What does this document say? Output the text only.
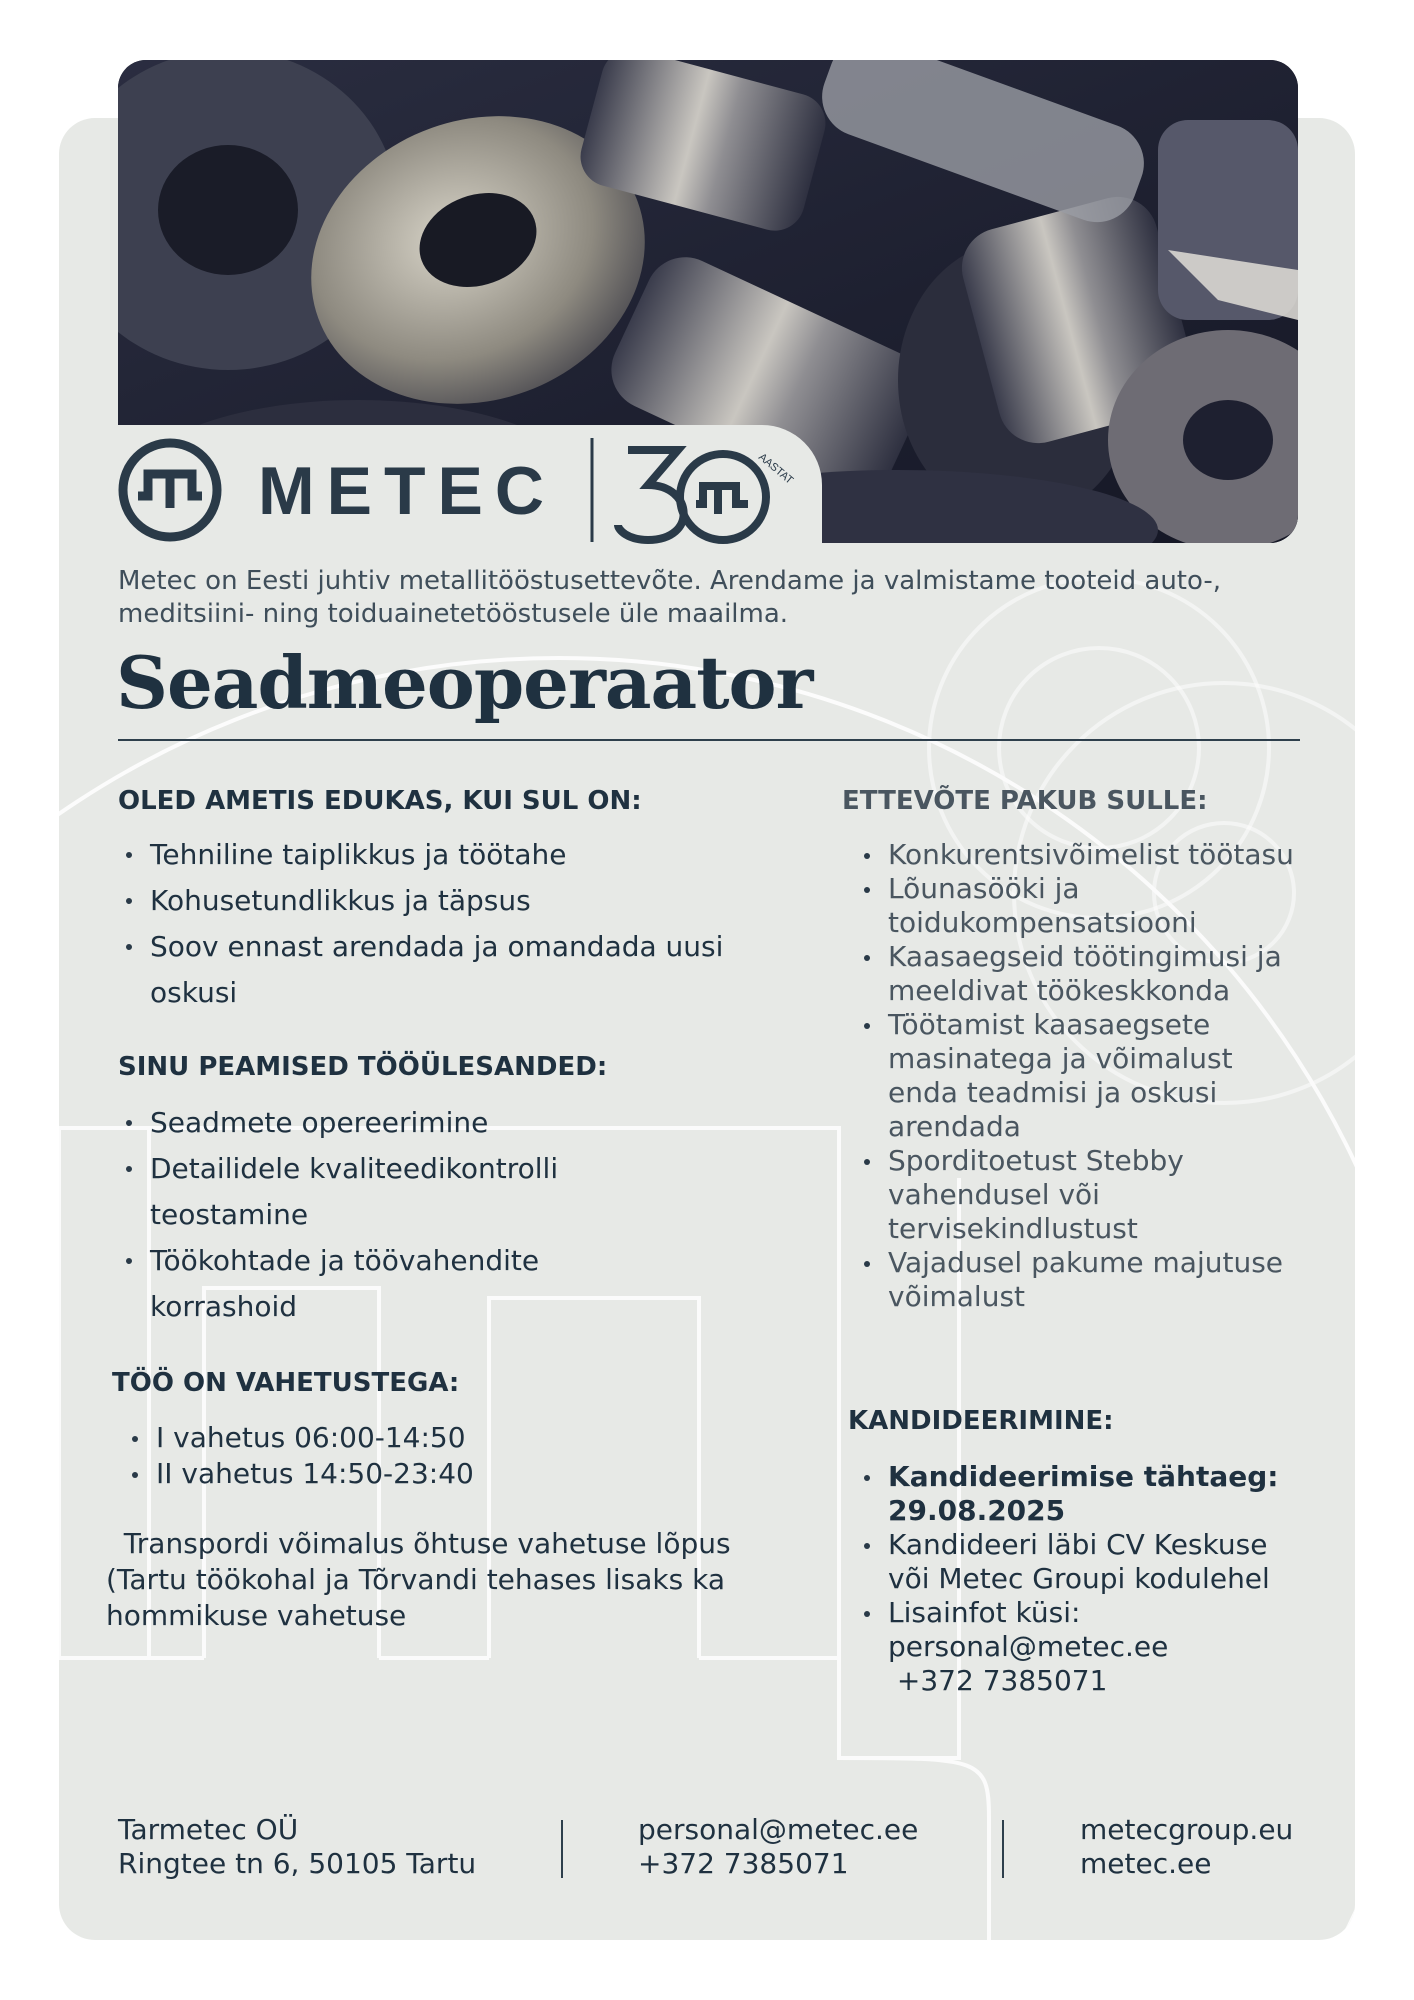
METEC	AASTAT
Metec on Eesti juhtiv metallitööstusettevõte. Arendame ja valmistame tooteid auto-,
meditsiini- ning toiduainetetööstusele üle maailma.
Seadmeoperaator
OLED AMETIS EDUKAS, KUI SUL ON:
Tehniline taiplikkus ja töötahe
Kohusetundlikkus ja täpsus
Soov ennast arendada ja omandada uusi
oskusi
SINU PEAMISED TÖÖÜLESANDED:
Seadmete opereerimine
Detailidele kvaliteedikontrolli
teostamine
Töökohtade ja töövahendite
korrashoid
TÖÖ ON VAHETUSTEGA:
I vahetus 06:00-14:50
II vahetus 14:50-23:40
Transpordi võimalus õhtuse vahetuse lõpus
(Tartu töökohal ja Tõrvandi tehases lisaks ka
hommikuse vahetuse
ETTEVÕTE PAKUB SULLE:
Konkurentsivõimelist töötasu
Lõunasööki ja
toidukompensatsiooni
Kaasaegseid töötingimusi ja
meeldivat töökeskkonda
Töötamist kaasaegsete
masinatega ja võimalust
enda teadmisi ja oskusi
arendada
Sporditoetust Stebby
vahendusel või
tervisekindlustust
Vajadusel pakume majutuse
võimalust
KANDIDEERIMINE:
Kandideerimise tähtaeg:
29.08.2025
Kandideeri läbi CV Keskuse
või Metec Groupi kodulehel
Lisainfot küsi:
personal@metec.ee
+372 7385071
Tarmetec OÜ
Ringtee tn 6, 50105 Tartu
personal@metec.ee
+372 7385071
metecgroup.eu
metec.ee
